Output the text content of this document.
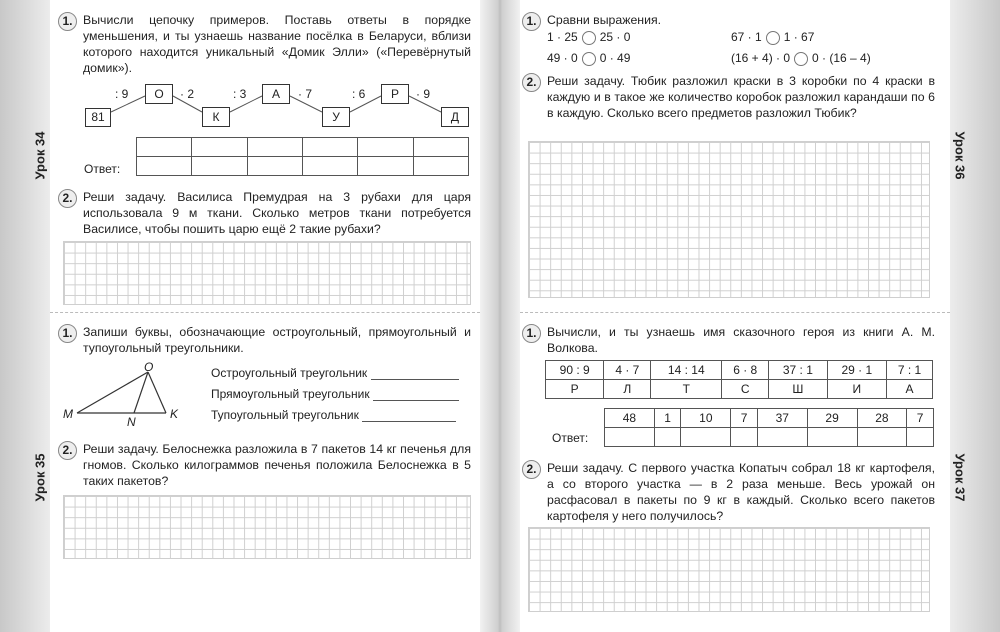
Урок 34
Урок 35
Урок 36
Урок 37
1. Вычисли цепочку примеров. Поставь ответы в порядке уменьшения, и ты узнаешь название посёлка в Беларуси, вблизи которого находится уникальный «Домик Элли» («Перевёрнутый домик»).
81
: 9	· 2	: 3	· 7	: 6	· 9
О
К
А
У
Р
Д
Ответ:

2. Реши задачу. Василиса Премудрая на 3 рубахи для царя использовала 9 м ткани. Сколько метров ткани потребуется Василисе, чтобы пошить царю ещё 2 такие рубахи?
1. Запиши буквы, обозначающие остроугольный, прямоугольный и тупоугольный треугольники.
O
M
N
K
Остроугольный треугольник
Прямоугольный треугольник
Тупоугольный треугольник
2. Реши задачу. Белоснежка разложила в 7 пакетов 14 кг печенья для гномов. Сколько килограммов печенья положила Белоснежка в 5 таких пакетов?
1. Сравни выражения.
1 · 25 25 · 0	67 · 1 1 · 67
49 · 0 0 · 49	(16 + 4) · 0 0 · (16 – 4)
2. Реши задачу. Тюбик разложил краски в 3 коробки по 4 краски в каждую и в такое же количество коробок разложил карандаши по 6 в каждую. Сколько всего предметов разложил Тюбик?
1. Вычисли, и ты узнаешь имя сказочного героя из книги А. М. Волкова.
90 : 9	4 · 7	14 : 14	6 · 8	37 : 1	29 · 1	7 : 1
Р	Л	Т	С	Ш	И	А
Ответ:
48	1	10	7	37	29	28	7

2. Реши задачу. С первого участка Копатыч собрал 18 кг картофеля, а со второго участка — в 2 раза меньше. Весь урожай он расфасовал в пакеты по 9 кг в каждый. Сколько всего пакетов картофеля у него получилось?
